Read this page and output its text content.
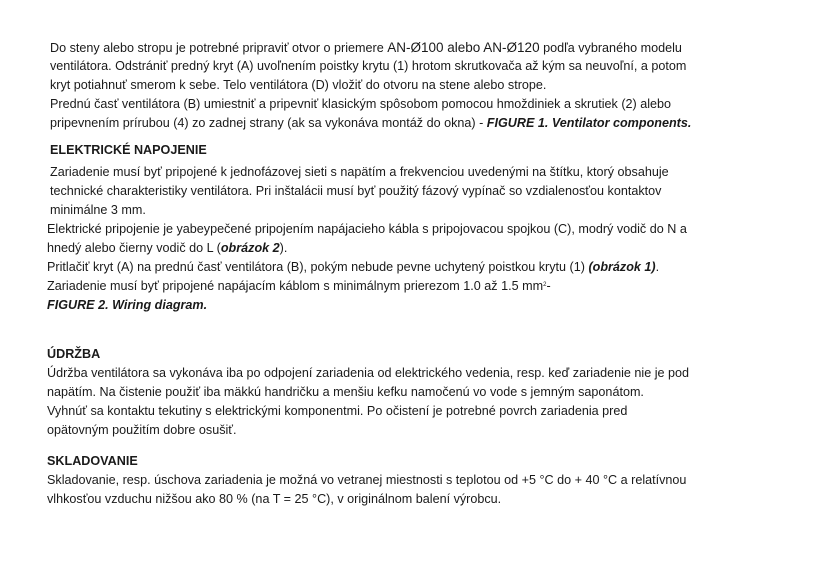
Do steny alebo stropu je potrebné pripraviť otvor o priemere AN-Ø100 alebo AN-Ø120 podľa vybraného modelu
ventilátora. Odstrániť predný kryt (A) uvoľnením poistky krytu (1) hrotom skrutkovača až kým sa neuvoľní, a potom
kryt potiahnuť smerom k sebe. Telo ventilátora (D) vložiť do otvoru na stene alebo strope.
Prednú časť ventilátora (B) umiestniť a pripevniť klasickým spôsobom pomocou hmoždiniek a skrutiek (2) alebo
pripevnením prírubou (4) zo zadnej strany (ak sa vykonáva montáž do okna) - FIGURE 1. Ventilator components.
ELEKTRICKÉ NAPOJENIE
Zariadenie musí byť pripojené k jednofázovej sieti s napätím a frekvenciou uvedenými na štítku, ktorý obsahuje
technické charakteristiky ventilátora. Pri inštalácii musí byť použitý fázový vypínač so vzdialenosťou kontaktov
minimálne 3 mm.
Elektrické pripojenie je yabeypečené pripojením napájacieho kábla s pripojovacou spojkou (C), modrý vodič do N a
hnedý alebo čierny vodič do L (obrázok 2).
Pritlačiť kryt (A) na prednú časť ventilátora (B), pokým nebude pevne uchytený poistkou krytu (1) (obrázok 1).
Zariadenie musí byť pripojené napájacím káblom s minimálnym prierezom 1.0 až 1.5 $mm^2-$
FIGURE 2. Wiring diagram.
ÚDRŽBA
Údržba ventilátora sa vykonáva iba po odpojení zariadenia od elektrického vedenia, resp. keď zariadenie nie je pod
napätím. Na čistenie použiť iba mäkkú handričku a menšiu kefku namočenú vo vode s jemným saponátom.
Vyhnúť sa kontaktu tekutiny s elektrickými komponentmi. Po očistení je potrebné povrch zariadenia pred
opätovným použitím dobre osušiť.
SKLADOVANIE
Skladovanie, resp. úschova zariadenia je možná vo vetranej miestnosti s teplotou od +5 °C do + 40 °C a relatívnou
vlhkosťou vzduchu nižšou ako 80 % (na T = 25 °C), v originálnom balení výrobcu.
